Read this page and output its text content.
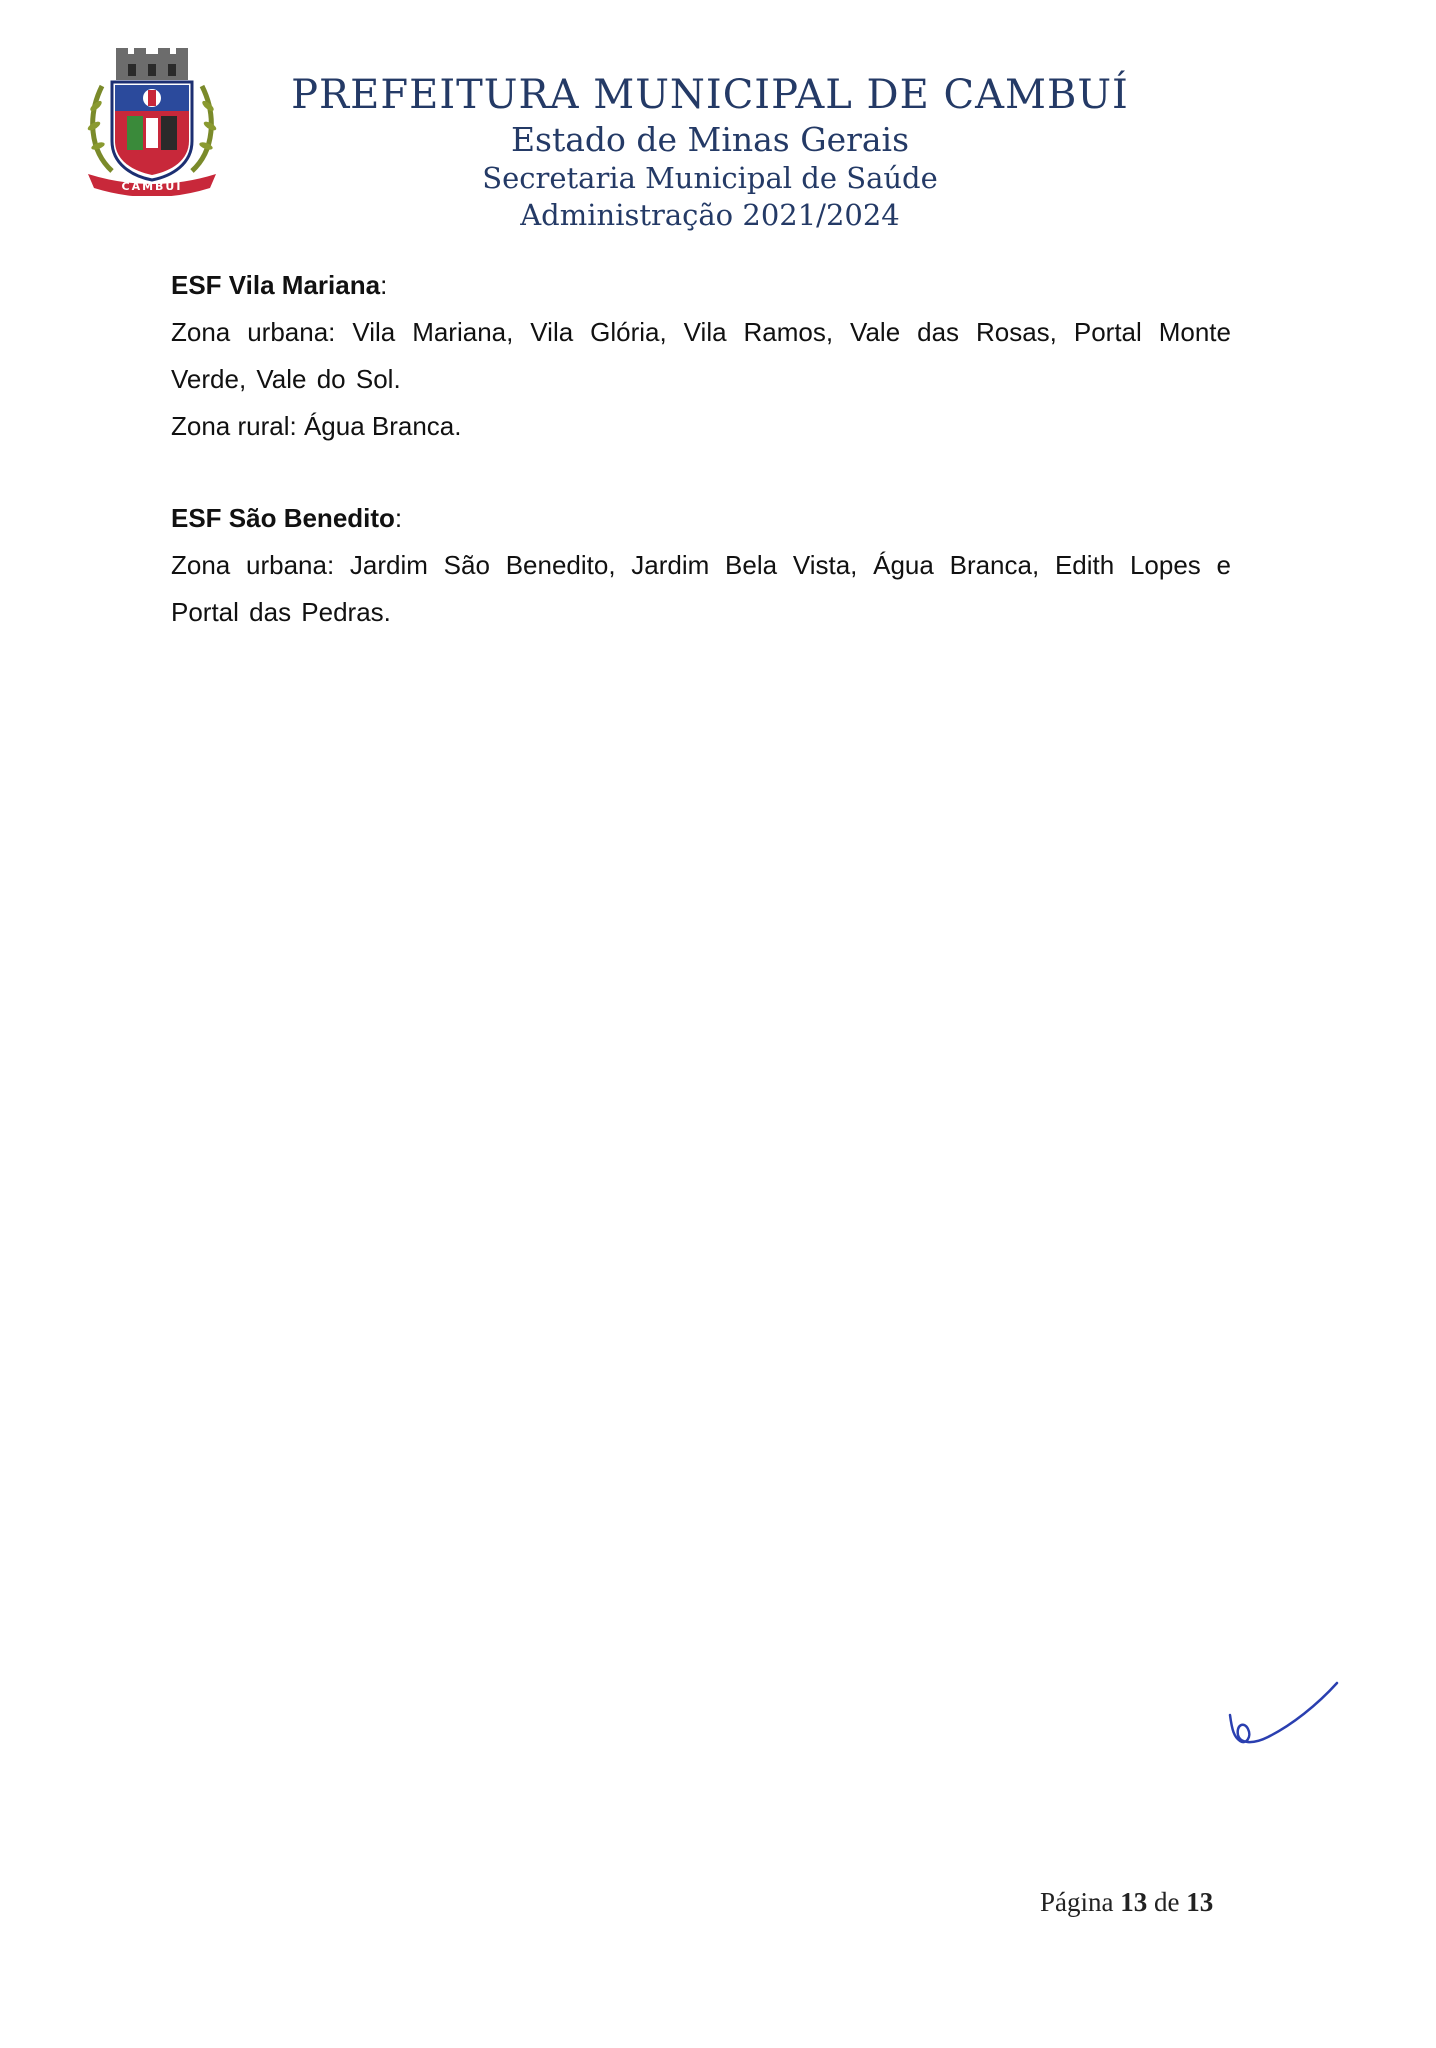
CAMBUÍ
PREFEITURA MUNICIPAL DE CAMBUÍ
Estado de Minas Gerais
Secretaria Municipal de Saúde
Administração 2021/2024

ESF Vila Mariana:

Zona urbana: Vila Mariana, Vila Glória, Vila Ramos, Vale das Rosas, Portal Monte Verde, Vale do Sol.

Zona rural: Água Branca.

ESF São Benedito:

Zona urbana: Jardim São Benedito, Jardim Bela Vista, Água Branca, Edith Lopes e Portal das Pedras.

Página 13 de 13
